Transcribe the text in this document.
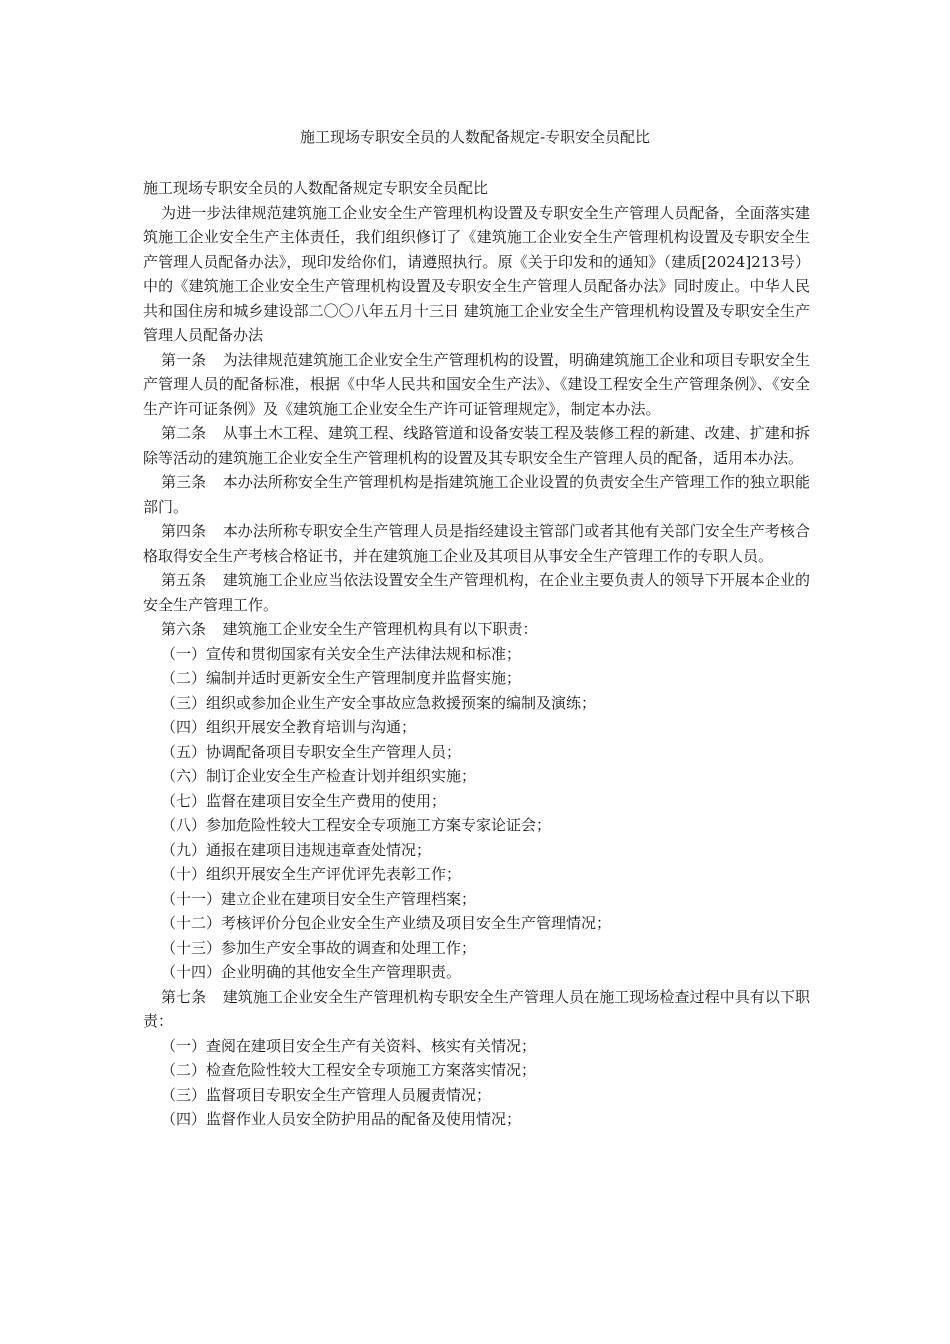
施工现场专职安全员的人数配备规定-专职安全员配比

施工现场专职安全员的人数配备规定专职安全员配比

为进一步法律规范建筑施工企业安全生产管理机构设置及专职安全生产管理人员配备，全面落实建筑施工企业安全生产主体责任，我们组织修订了《建筑施工企业安全生产管理机构设置及专职安全生产管理人员配备办法》，现印发给你们，请遵照执行。原《关于印发和的通知》（建质[2024]213号）中的《建筑施工企业安全生产管理机构设置及专职安全生产管理人员配备办法》同时废止。中华人民共和国住房和城乡建设部二〇〇八年五月十三日 建筑施工企业安全生产管理机构设置及专职安全生产管理人员配备办法

第一条 为法律规范建筑施工企业安全生产管理机构的设置，明确建筑施工企业和项目专职安全生产管理人员的配备标准，根据《中华人民共和国安全生产法》、《建设工程安全生产管理条例》、《安全生产许可证条例》及《建筑施工企业安全生产许可证管理规定》，制定本办法。

第二条 从事土木工程、建筑工程、线路管道和设备安装工程及装修工程的新建、改建、扩建和拆除等活动的建筑施工企业安全生产管理机构的设置及其专职安全生产管理人员的配备，适用本办法。

第三条 本办法所称安全生产管理机构是指建筑施工企业设置的负责安全生产管理工作的独立职能部门。

第四条 本办法所称专职安全生产管理人员是指经建设主管部门或者其他有关部门安全生产考核合格取得安全生产考核合格证书，并在建筑施工企业及其项目从事安全生产管理工作的专职人员。

第五条 建筑施工企业应当依法设置安全生产管理机构，在企业主要负责人的领导下开展本企业的安全生产管理工作。

第六条 建筑施工企业安全生产管理机构具有以下职责：

（一）宣传和贯彻国家有关安全生产法律法规和标准；

（二）编制并适时更新安全生产管理制度并监督实施；

（三）组织或参加企业生产安全事故应急救援预案的编制及演练；

（四）组织开展安全教育培训与沟通；

（五）协调配备项目专职安全生产管理人员；

（六）制订企业安全生产检查计划并组织实施；

（七）监督在建项目安全生产费用的使用；

（八）参加危险性较大工程安全专项施工方案专家论证会；

（九）通报在建项目违规违章查处情况；

（十）组织开展安全生产评优评先表彰工作；

（十一）建立企业在建项目安全生产管理档案；

（十二）考核评价分包企业安全生产业绩及项目安全生产管理情况；

（十三）参加生产安全事故的调查和处理工作；

（十四）企业明确的其他安全生产管理职责。

第七条 建筑施工企业安全生产管理机构专职安全生产管理人员在施工现场检查过程中具有以下职责：

（一）查阅在建项目安全生产有关资料、核实有关情况；

（二）检查危险性较大工程安全专项施工方案落实情况；

（三）监督项目专职安全生产管理人员履责情况；

（四）监督作业人员安全防护用品的配备及使用情况；
